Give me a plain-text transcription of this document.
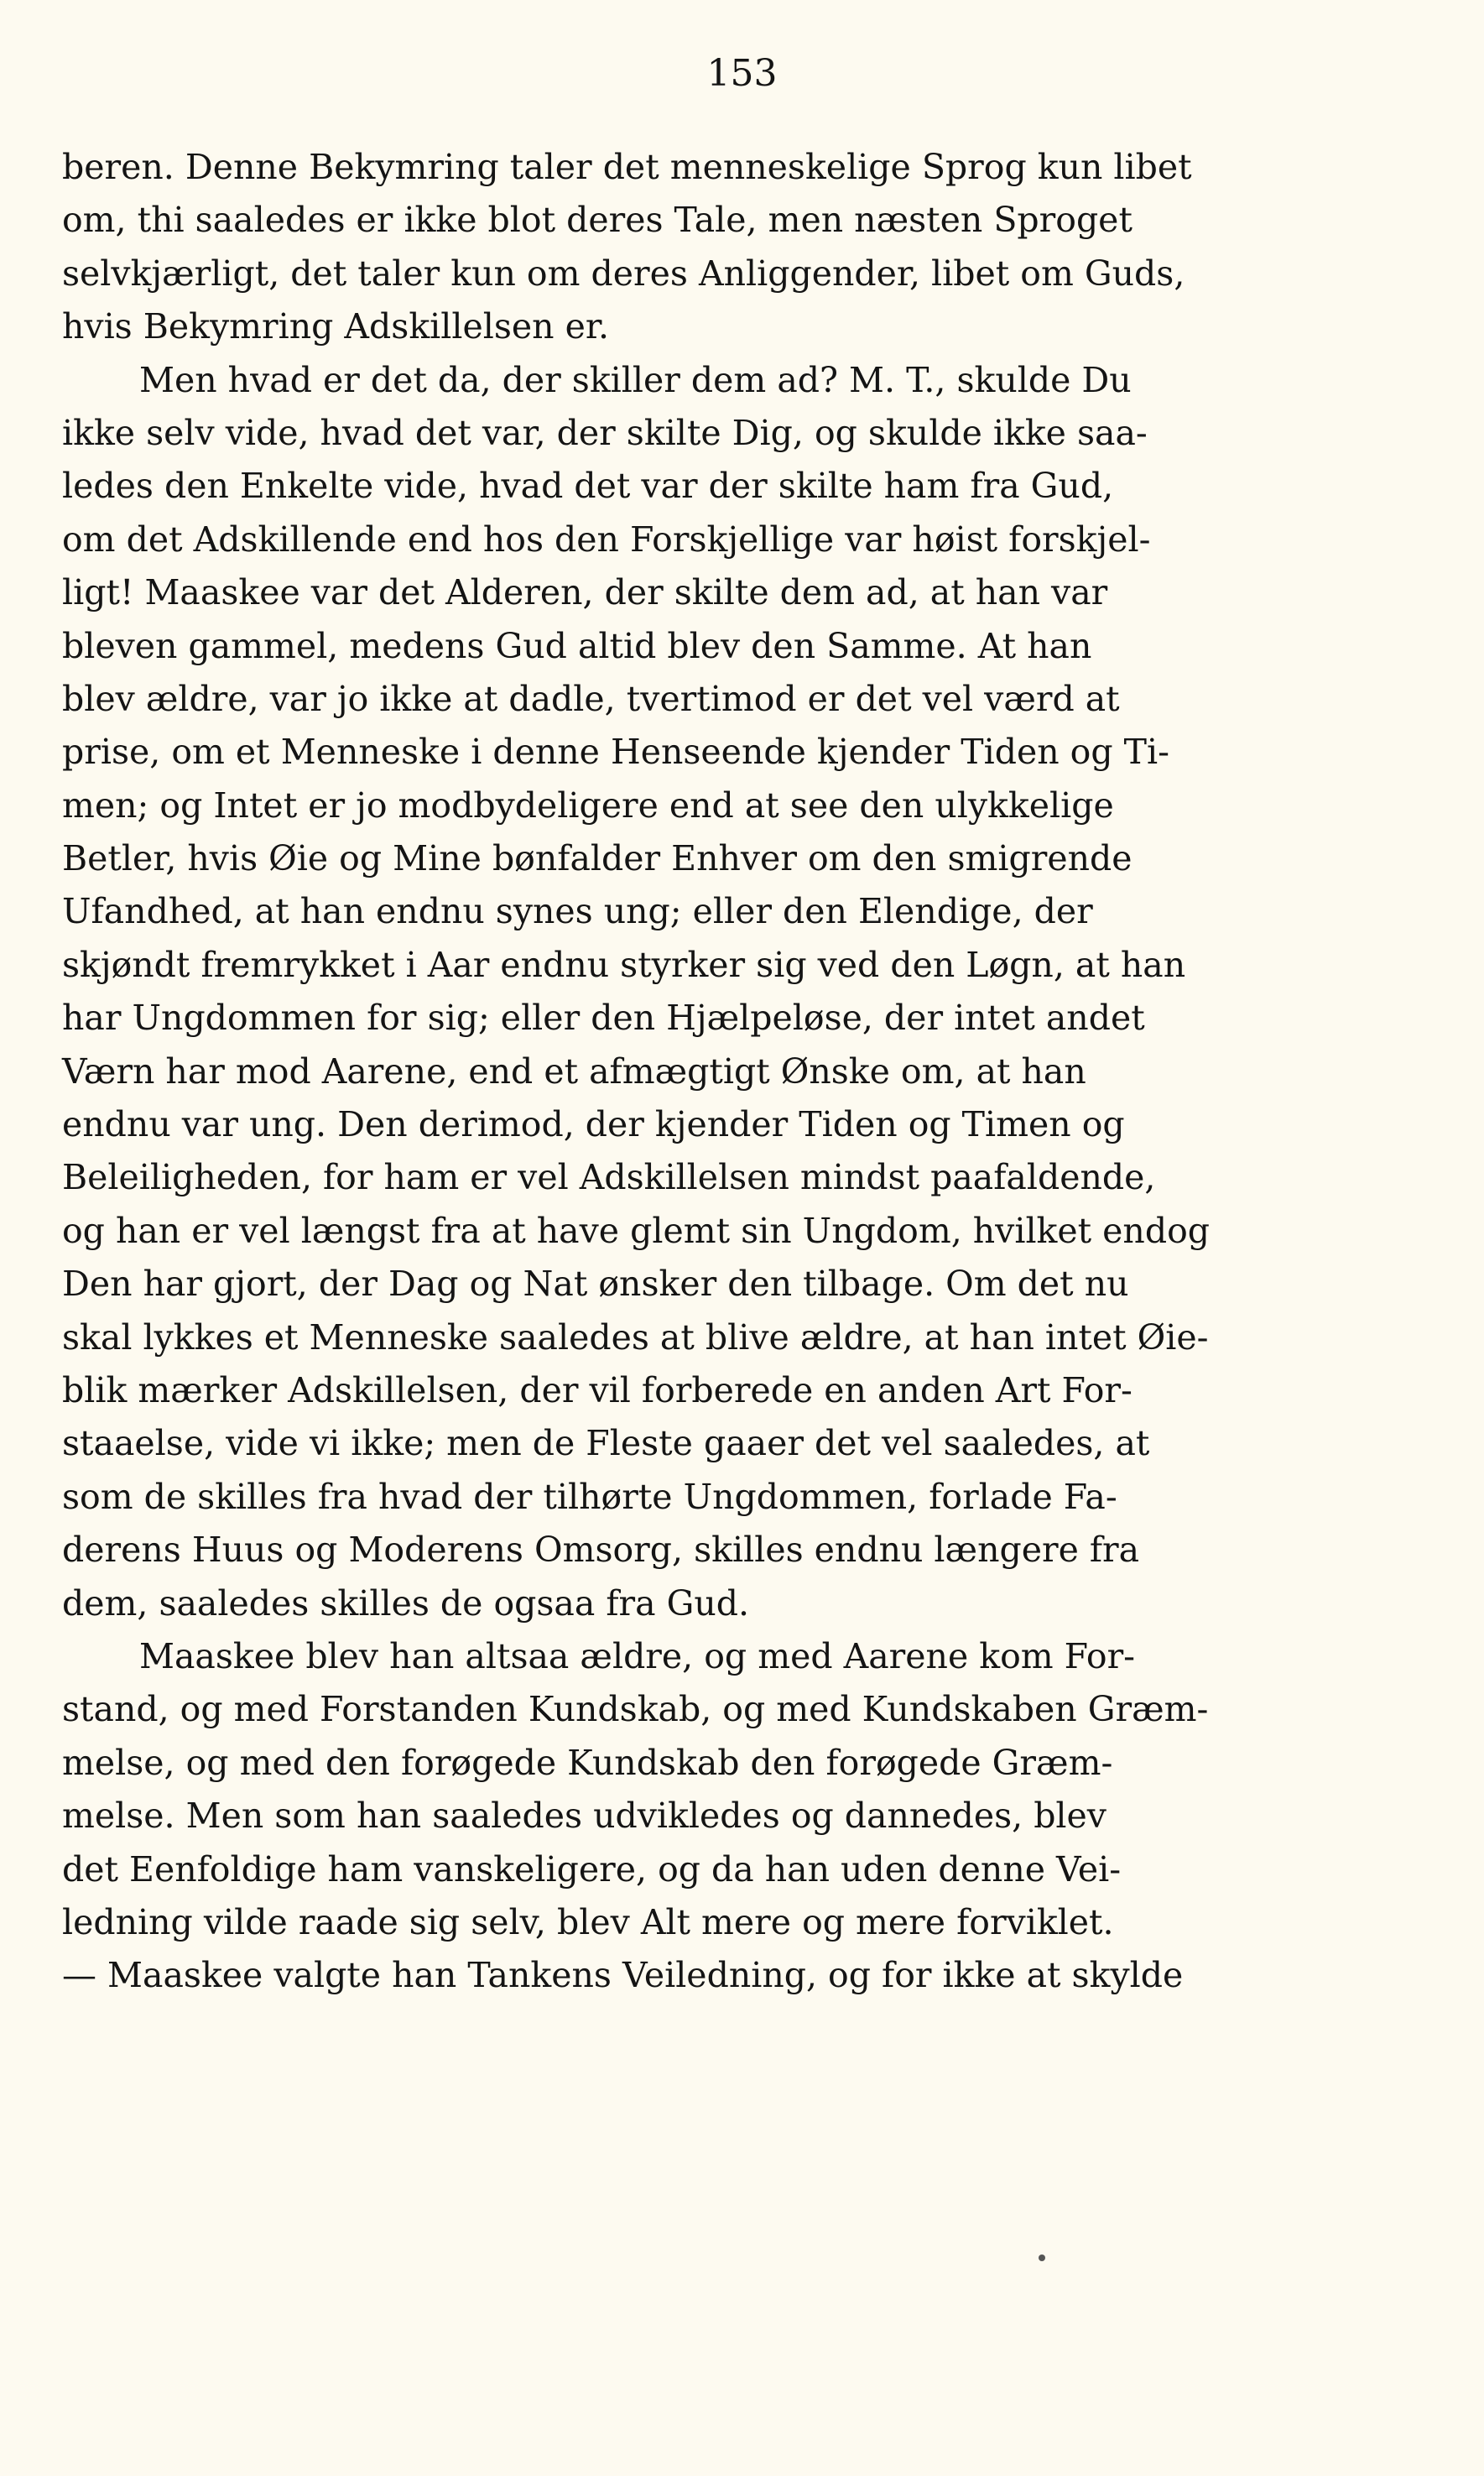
153
beren. Denne Bekymring taler det menneskelige Sprog kun libet
om, thi saaledes er ikke blot deres Tale, men næsten Sproget
selvkjærligt, det taler kun om deres Anliggender, libet om Guds,
hvis Bekymring Adskillelsen er.
Men hvad er det da, der skiller dem ad? M. T., skulde Du
ikke selv vide, hvad det var, der skilte Dig, og skulde ikke saa-
ledes den Enkelte vide, hvad det var der skilte ham fra Gud,
om det Adskillende end hos den Forskjellige var høist forskjel-
ligt! Maaskee var det Alderen, der skilte dem ad, at han var
bleven gammel, medens Gud altid blev den Samme. At han
blev ældre, var jo ikke at dadle, tvertimod er det vel værd at
prise, om et Menneske i denne Henseende kjender Tiden og Ti-
men; og Intet er jo modbydeligere end at see den ulykkelige
Betler, hvis Øie og Mine bønfalder Enhver om den smigrende
Ufandhed, at han endnu synes ung; eller den Elendige, der
skjøndt fremrykket i Aar endnu styrker sig ved den Løgn, at han
har Ungdommen for sig; eller den Hjælpeløse, der intet andet
Værn har mod Aarene, end et afmægtigt Ønske om, at han
endnu var ung. Den derimod, der kjender Tiden og Timen og
Beleiligheden, for ham er vel Adskillelsen mindst paafaldende,
og han er vel længst fra at have glemt sin Ungdom, hvilket endog
Den har gjort, der Dag og Nat ønsker den tilbage. Om det nu
skal lykkes et Menneske saaledes at blive ældre, at han intet Øie-
blik mærker Adskillelsen, der vil forberede en anden Art For-
staaelse, vide vi ikke; men de Fleste gaaer det vel saaledes, at
som de skilles fra hvad der tilhørte Ungdommen, forlade Fa-
derens Huus og Moderens Omsorg, skilles endnu længere fra
dem, saaledes skilles de ogsaa fra Gud.
Maaskee blev han altsaa ældre, og med Aarene kom For-
stand, og med Forstanden Kundskab, og med Kundskaben Græm-
melse, og med den forøgede Kundskab den forøgede Græm-
melse. Men som han saaledes udvikledes og dannedes, blev
det Eenfoldige ham vanskeligere, og da han uden denne Vei-
ledning vilde raade sig selv, blev Alt mere og mere forviklet.
— Maaskee valgte han Tankens Veiledning, og for ikke at skylde
